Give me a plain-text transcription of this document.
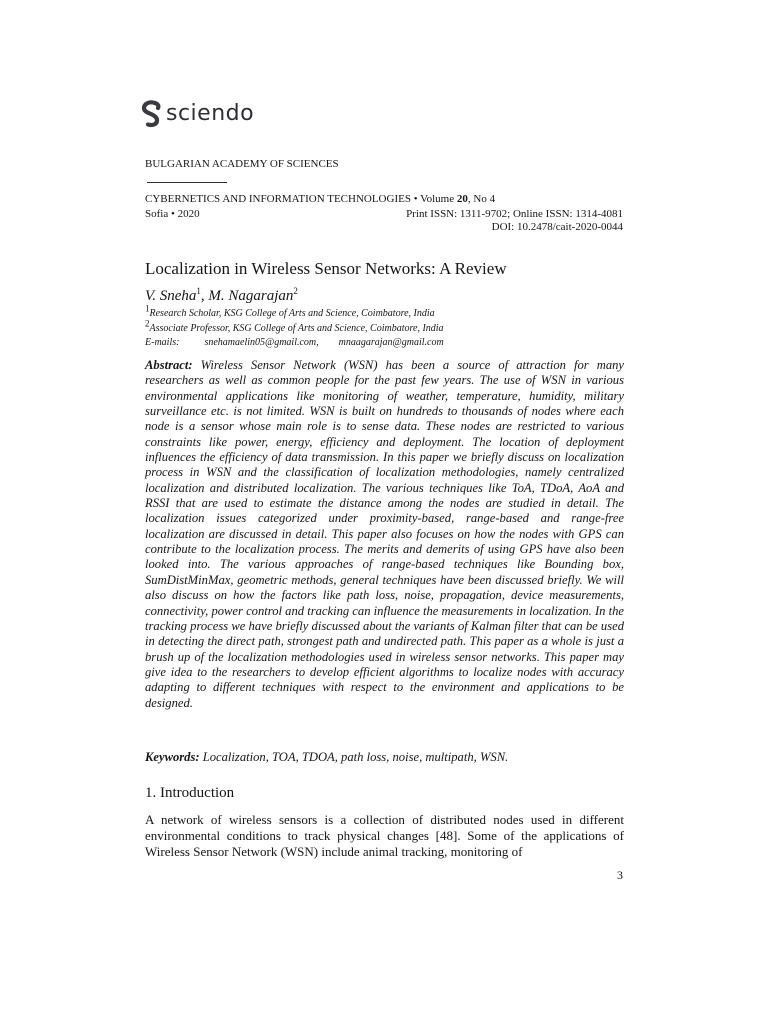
sciendo
BULGARIAN ACADEMY OF SCIENCES
CYBERNETICS AND INFORMATION TECHNOLOGIES • Volume 20, No 4
Sofia • 2020	Print ISSN: 1311-9702; Online ISSN: 1314-4081
DOI: 10.2478/cait-2020-0044
Localization in Wireless Sensor Networks: A Review
V. Sneha$^1$, M. Nagarajan$^2$
$^1$Research Scholar, KSG College of Arts and Science, Coimbatore, India
$^2$Associate Professor, KSG College of Arts and Science, Coimbatore, India
E-mails:	snehamaelin05@gmail.com, mnaagarajan@gmail.com
Abstract: Wireless Sensor Network (WSN) has been a source of attraction for many researchers as well as common people for the past few years. The use of WSN in various environmental applications like monitoring of weather, temperature, humidity, military surveillance etc. is not limited. WSN is built on hundreds to thousands of nodes where each node is a sensor whose main role is to sense data. These nodes are restricted to various constraints like power, energy, efficiency and deployment. The location of deployment influences the efficiency of data transmission. In this paper we briefly discuss on localization process in WSN and the classification of localization methodologies, namely centralized localization and distributed localization. The various techniques like ToA, TDoA, AoA and RSSI that are used to estimate the distance among the nodes are studied in detail. The localization issues categorized under proximity-based, range-based and range-free localization are discussed in detail. This paper also focuses on how the nodes with GPS can contribute to the localization process. The merits and demerits of using GPS have also been looked into. The various approaches of range-based techniques like Bounding box, SumDistMinMax, geometric methods, general techniques have been discussed briefly. We will also discuss on how the factors like path loss, noise, propagation, device measurements, connectivity, power control and tracking can influence the measurements in localization. In the tracking process we have briefly discussed about the variants of Kalman filter that can be used in detecting the direct path, strongest path and undirected path. This paper as a whole is just a brush up of the localization methodologies used in wireless sensor networks. This paper may give idea to the researchers to develop efficient algorithms to localize nodes with accuracy adapting to different techniques with respect to the environment and applications to be designed.
Keywords: Localization, TOA, TDOA, path loss, noise, multipath, WSN.
1. Introduction
A network of wireless sensors is a collection of distributed nodes used in different environmental conditions to track physical changes [48]. Some of the applications of Wireless Sensor Network (WSN) include animal tracking, monitoring of
3
